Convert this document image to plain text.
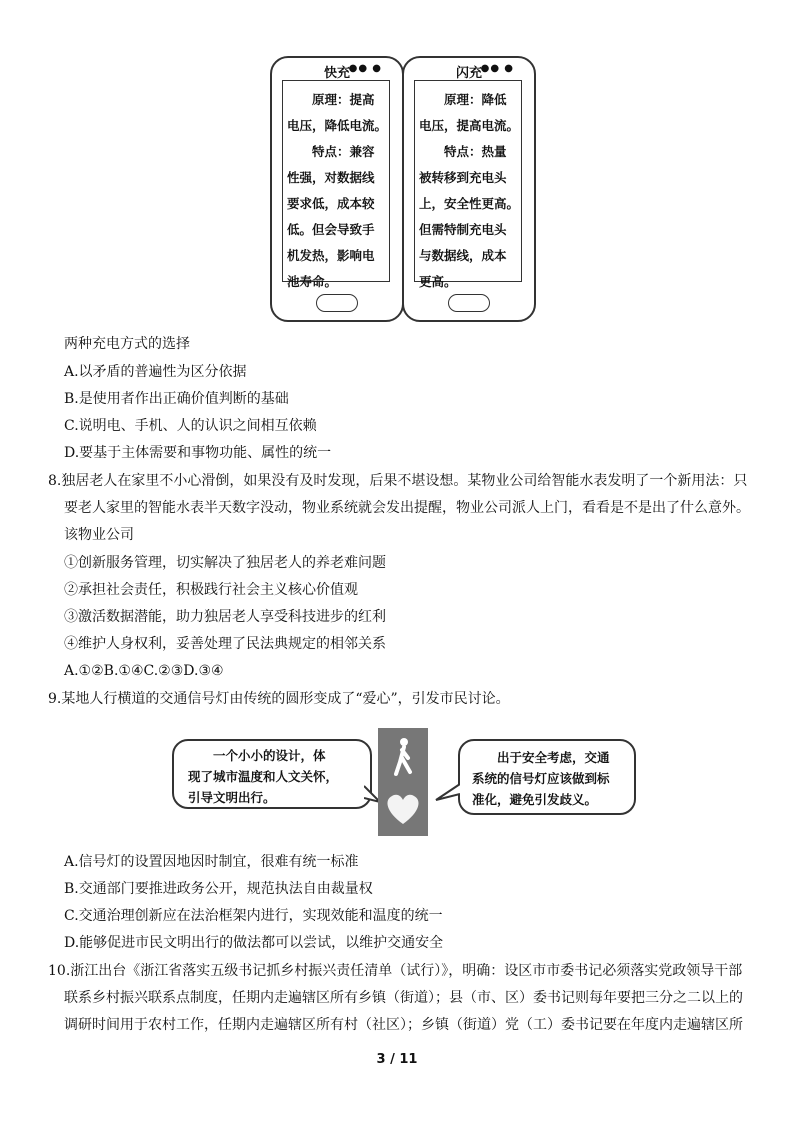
快充
●● ●
原理：提高
电压，降低电流。
特点：兼容
性强，对数据线
要求低，成本较
低。但会导致手
机发热，影响电
池寿命。
闪充
●● ●
原理：降低
电压，提高电流。
特点：热量
被转移到充电头
上，安全性更高。
但需特制充电头
与数据线，成本
更高。
两种充电方式的选择
A.以矛盾的普遍性为区分依据
B.是使用者作出正确价值判断的基础
C.说明电、手机、人的认识之间相互依赖
D.要基于主体需要和事物功能、属性的统一
8.独居老人在家里不小心滑倒，如果没有及时发现，后果不堪设想。某物业公司给智能水表发明了一个新用法：只
要老人家里的智能水表半天数字没动，物业系统就会发出提醒，物业公司派人上门，看看是不是出了什么意外。
该物业公司
①创新服务管理，切实解决了独居老人的养老难问题
②承担社会责任，积极践行社会主义核心价值观
③激活数据潜能，助力独居老人享受科技进步的红利
④维护人身权利，妥善处理了民法典规定的相邻关系
A.①②B.①④C.②③D.③④
9.某地人行横道的交通信号灯由传统的圆形变成了“爱心”，引发市民讨论。
一个小小的设计，体
现了城市温度和人文关怀，
引导文明出行。
出于安全考虑，交通
系统的信号灯应该做到标
准化，避免引发歧义。
A.信号灯的设置因地因时制宜，很难有统一标准
B.交通部门要推进政务公开，规范执法自由裁量权
C.交通治理创新应在法治框架内进行，实现效能和温度的统一
D.能够促进市民文明出行的做法都可以尝试，以维护交通安全
10.浙江出台《浙江省落实五级书记抓乡村振兴责任清单（试行）》，明确：设区市市委书记必须落实党政领导干部
联系乡村振兴联系点制度，任期内走遍辖区所有乡镇（街道）；县（市、区）委书记则每年要把三分之二以上的
调研时间用于农村工作，任期内走遍辖区所有村（社区）；乡镇（街道）党（工）委书记要在年度内走遍辖区所
3 / 11
